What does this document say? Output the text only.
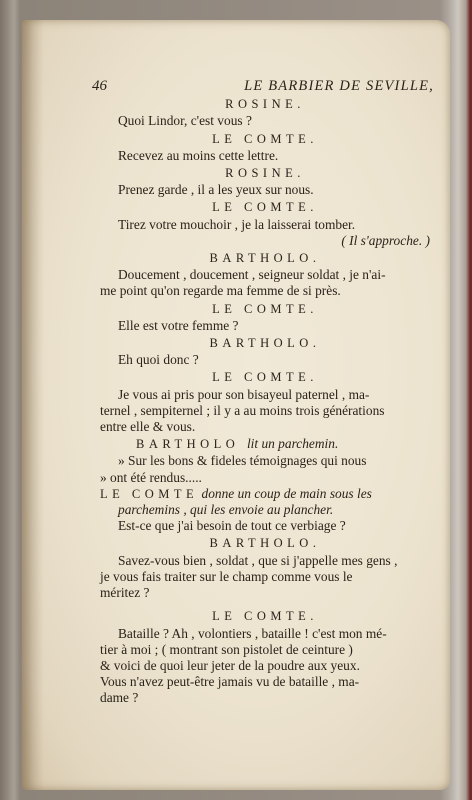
46	LE BARBIER DE SEVILLE,
ROSINE.
Quoi Lindor, c'est vous ?
LE COMTE.
Recevez au moins cette lettre.
ROSINE.
Prenez garde , il a les yeux sur nous.
LE COMTE.
Tirez votre mouchoir , je la laisserai tomber.
( Il s'approche. )
BARTHOLO.
Doucement , doucement , seigneur soldat , je n'ai-
me point qu'on regarde ma femme de si près.
LE COMTE.
Elle est votre femme ?
BARTHOLO.
Eh quoi donc ?
LE COMTE.
Je vous ai pris pour son bisayeul paternel , ma-
ternel , sempiternel ; il y a au moins trois générations
entre elle & vous.
BARTHOLO lit un parchemin.
» Sur les bons & fideles témoignages qui nous
» ont été rendus.....
LE COMTE donne un coup de main sous les
parchemins , qui les envoie au plancher.
Est-ce que j'ai besoin de tout ce verbiage ?
BARTHOLO.
Savez-vous bien , soldat , que si j'appelle mes gens ,
je vous fais traiter sur le champ comme vous le
méritez ?
LE COMTE.
Bataille ? Ah , volontiers , bataille ! c'est mon mé-
tier à moi ; ( montrant son pistolet de ceinture )
& voici de quoi leur jeter de la poudre aux yeux.
Vous n'avez peut-être jamais vu de bataille , ma-
dame ?
